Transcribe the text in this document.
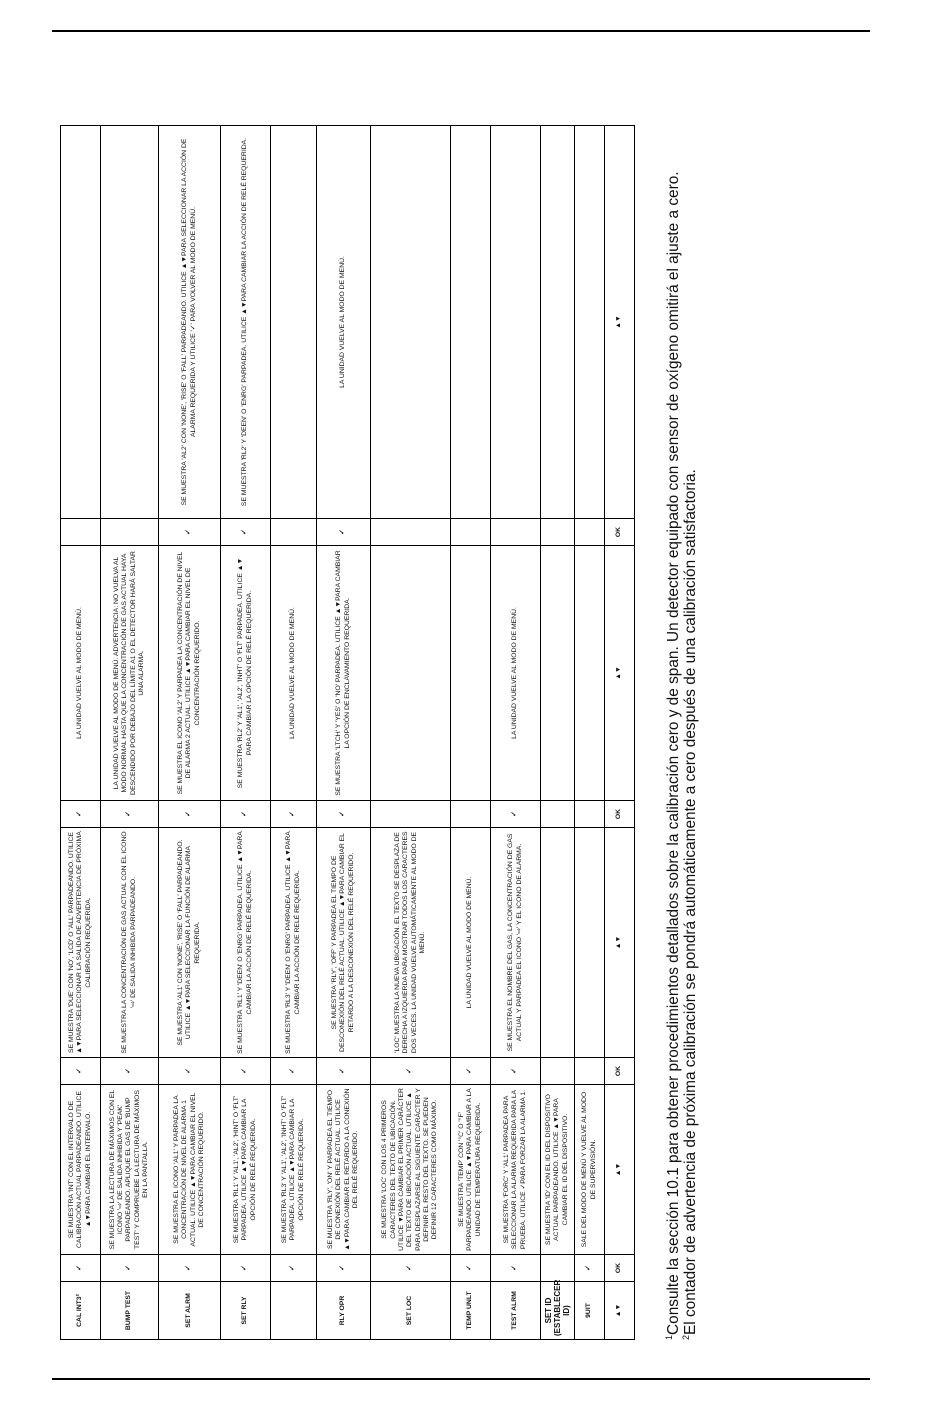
CAL INT3²	✓	SE MUESTRA 'INT' CON EL INTERVALO DE CALIBRACIÓN ACTUAL PARPADEANDO. UTILICE ▲▼PARA CAMBIAR EL INTERVALO.	✓	SE MUESTRA 'DUE' CON 'NO', 'LCD' O 'ALL' PARPADEANDO. UTILICE ▲▼PARA SELECCIONAR LA SALIDA DE ADVERTENCIA DE PRÓXIMA CALIBRACIÓN REQUERIDA.	✓	LA UNIDAD VUELVE AL MODO DE MENÚ.		
BUMP TEST	✓	SE MUESTRA LA LECTURA DE MÁXIMOS CON EL ICONO '⇨' DE SALIDA INHIBIDA Y 'PEAK' PARPADEANDO. APLIQUE EL GAS DE 'BUMP TEST' Y COMPRUEBE LA LECTURA DE MÁXIMOS EN LA PANTALLA.	✓	SE MUESTRA LA CONCENTRACIÓN DE GAS ACTUAL CON EL ICONO '⇨' DE SALIDA INHIBIDA PARPADEANDO.	✓	LA UNIDAD VUELVE AL MODO DE MENÚ. ADVERTENCIA: NO VUELVA AL MODO NORMAL HASTA QUE LA CONCENTRACIÓN DE GAS ACTUAL HAYA DESCENDIDO POR DEBAJO DEL LÍMITE A1 O EL DETECTOR HARÁ SALTAR UNA ALARMA.		
SET ALRM	✓	SE MUESTRA EL ICONO 'AL1' Y PARPADEA LA CONCENTRACIÓN DE NIVEL DE ALARMA 1 ACTUAL. UTILICE ▲▼PARA CAMBIAR EL NIVEL DE CONCENTRACIÓN REQUERIDO.	✓	SE MUESTRA 'AL1' CON 'NONE', 'RISE' O 'FALL' PARPADEANDO. UTILICE ▲▼PARA SELECCIONAR LA FUNCIÓN DE ALARMA REQUERIDA.	✓	SE MUESTRA EL ICONO 'AL2' Y PARPADEA LA CONCENTRACIÓN DE NIVEL DE ALARMA 2 ACTUAL. UTILICE ▲▼PARA CAMBIAR EL NIVEL DE CONCENTRACIÓN REQUERIDO.	✓	SE MUESTRA 'AL2' CON 'NONE', 'RISE' O 'FALL' PARPADEANDO. UTILICE ▲▼PARA SELECCIONAR LA ACCIÓN DE ALARMA REQUERIDA Y UTILICE '✓' PARA VOLVER AL MODO DE MENÚ.
SET RLY	✓	SE MUESTRA 'RL1' Y 'AL1', 'AL2', 'HINT' O 'FLT' PARPADEA. UTILICE ▲▼PARA CAMBIAR LA OPCIÓN DE RELÉ REQUERIDA.	✓	SE MUESTRA 'RL1' Y 'DEEN' O 'ENRG' PARPADEA. UTILICE ▲▼PARA CAMBIAR LA ACCIÓN DE RELÉ REQUERIDA.	✓	SE MUESTRA 'RL2' Y 'AL1', 'AL2', 'INHT' O 'FLT' PARPADEA. UTILICE ▲▼ PARA CAMBIAR LA OPCIÓN DE RELÉ REQUERIDA.	✓	SE MUESTRA 'RL2' Y 'DEEN' O 'ENRG' PARPADEA. UTILICE ▲▼PARA CAMBIAR LA ACCIÓN DE RELÉ REQUERIDA.
	✓	SE MUESTRA 'RL3' Y 'AL1', 'AL2', 'INHT' O 'FLT' PARPADEA. UTILICE ▲▼PARA CAMBIAR LA OPCIÓN DE RELÉ REQUERIDA.	✓	SE MUESTRA 'RL3' Y 'DEEN' O 'ENRG' PARPADEA. UTILICE ▲▼PARA CAMBIAR LA ACCIÓN DE RELÉ REQUERIDA.	✓	LA UNIDAD VUELVE AL MODO DE MENÚ.		
RLY OPR	✓	SE MUESTRA 'RLY', 'ON' Y PARPADEA EL TIEMPO DE CONEXIÓN DEL RELÉ ACTUAL. UTILICE ▲▼PARA CAMBIAR EL RETARDO A LA CONEXIÓN DEL RELÉ REQUERIDO.	✓	SE MUESTRA 'RLY', 'OFF' Y PARPADEA EL TIEMPO DE DESCONEXIÓN DEL RELÉ ACTUAL. UTILICE ▲▼PARA CAMBIAR EL RETARDO A LA DESCONEXIÓN DEL RELÉ REQUERIDO.	✓	SE MUESTRA 'LTCH' Y 'YES' O 'NO' PARPADEA. UTILICE ▲▼PARA CAMBIAR LA OPCIÓN DE ENCLAVAMIENTO REQUERIDA.	✓	LA UNIDAD VUELVE AL MODO DE MENÚ.
SET LOC	✓	SE MUESTRA 'LOC' CON LOS 4 PRIMEROS CARACTERES DEL TEXTO DE UBICACIÓN. UTILICE ▼PARA CAMBIAR EL PRIMER CARÁCTER DEL TEXTO DE UBICACIÓN ACTUAL. UTILICE ▲ PARA DESPLAZARSE AL SIGUIENTE CARÁCTER Y DEFINIR EL RESTO DEL TEXTO. SE PUEDEN DEFINIR 12 CARACTERES COMO MÁXIMO.	✓	'LOC' MUESTRA LA NUEVA UBICACIÓN. EL TEXTO SE DESPLAZA DE DERECHA A IZQUIERDA PARA MOSTRAR TODOS LOS CARACTERES DOS VECES. LA UNIDAD VUELVE AUTOMÁTICAMENTE AL MODO DE MENÚ.				
TEMP UNLT	✓	SE MUESTRA 'TEMP' CON '°C' O '°F' PARPADEANDO. UTILICE ▲▼PARA CAMBIAR A LA UNIDAD DE TEMPERATURA REQUERIDA.	✓	LA UNIDAD VUELVE AL MODO DE MENÚ.				
TEST ALRM	✓	SE MUESTRA 'FORC' Y 'AL1' PARPADEA PARA SELECCIONAR LA ALARMA REQUERIDA PARA LA PRUEBA. UTILICE ✓PARA FORZAR LA ALARMA 1.	✓	SE MUESTRA EL NOMBRE DEL GAS, LA CONCENTRACIÓN DE GAS ACTUAL Y PARPADEA EL ICONO '⇨' Y EL ICONO DE ALARMA.	✓	LA UNIDAD VUELVE AL MODO DE MENÚ.		
SET ID (ESTABLECER ID)		SE MUESTRA 'ID' CON EL ID DEL DISPOSITIVO ACTUAL PARPADEANDO. UTILICE ▲▼PARA CAMBIAR EL ID DEL DISPOSITIVO.						
9UIT	✓	SALE DEL MODO DE MENÚ Y VUELVE AL MODO DE SUPERVISIÓN.						
▲▼	OK	▲▼	OK	▲▼	OK	▲▼	OK	▲▼

$^1$Consulte la sección 10.1 para obtener procedimientos detallados sobre la calibración cero y de span. Un detector equipado con sensor de oxígeno omitirá el ajuste a cero.

$^2$El contador de advertencia de próxima calibración se pondrá automáticamente a cero después de una calibración satisfactoria.
